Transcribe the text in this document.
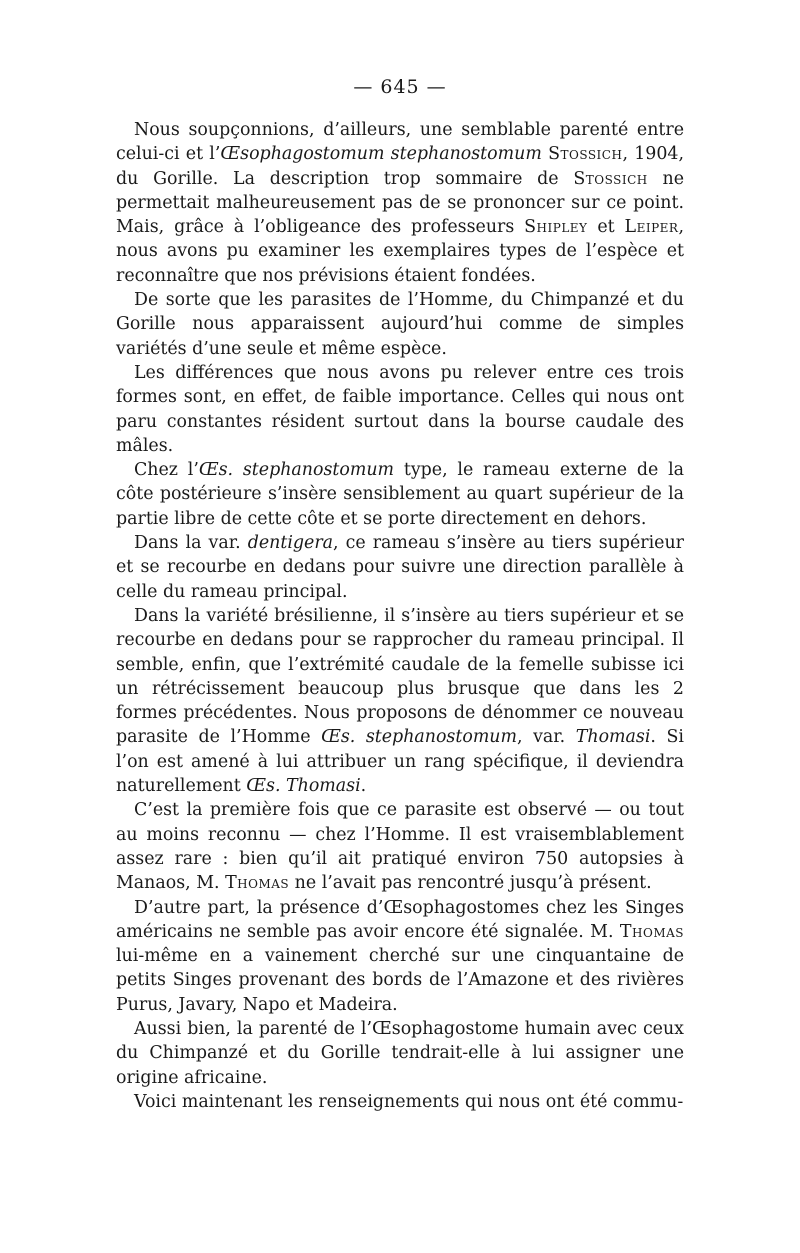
— 645 —

Nous soupçonnions, d’ailleurs, une semblable parenté entre celui-ci et l’Œsophagostomum stephanostomum Stossich, 1904, du Gorille. La description trop sommaire de Stossich ne permettait malheureusement pas de se prononcer sur ce point. Mais, grâce à l’obligeance des professeurs Shipley et Leiper, nous avons pu examiner les exemplaires types de l’espèce et reconnaître que nos prévisions étaient fondées.

De sorte que les parasites de l’Homme, du Chimpanzé et du Gorille nous apparaissent aujourd’hui comme de simples variétés d’une seule et même espèce.

Les différences que nous avons pu relever entre ces trois formes sont, en effet, de faible importance. Celles qui nous ont paru constantes résident surtout dans la bourse caudale des mâles.

Chez l’Œs. stephanostomum type, le rameau externe de la côte postérieure s’insère sensiblement au quart supérieur de la partie libre de cette côte et se porte directement en dehors.

Dans la var. dentigera, ce rameau s’insère au tiers supérieur et se recourbe en dedans pour suivre une direction parallèle à celle du rameau principal.

Dans la variété brésilienne, il s’insère au tiers supérieur et se recourbe en dedans pour se rapprocher du rameau principal. Il semble, enfin, que l’extrémité caudale de la femelle subisse ici un rétrécissement beaucoup plus brusque que dans les 2 formes précédentes. Nous proposons de dénommer ce nouveau parasite de l’Homme Œs. stephanostomum, var. Thomasi. Si l’on est amené à lui attribuer un rang spécifique, il deviendra naturellement Œs. Thomasi.

C’est la première fois que ce parasite est observé — ou tout au moins reconnu — chez l’Homme. Il est vraisemblablement assez rare : bien qu’il ait pratiqué environ 750 autopsies à Manaos, M. Thomas ne l’avait pas rencontré jusqu’à présent.

D’autre part, la présence d’Œsophagostomes chez les Singes américains ne semble pas avoir encore été signalée. M. Thomas lui-même en a vainement cherché sur une cinquantaine de petits Singes provenant des bords de l’Amazone et des rivières Purus, Javary, Napo et Madeira.

Aussi bien, la parenté de l’Œsophagostome humain avec ceux du Chimpanzé et du Gorille tendrait-elle à lui assigner une origine africaine.

Voici maintenant les renseignements qui nous ont été commu-
